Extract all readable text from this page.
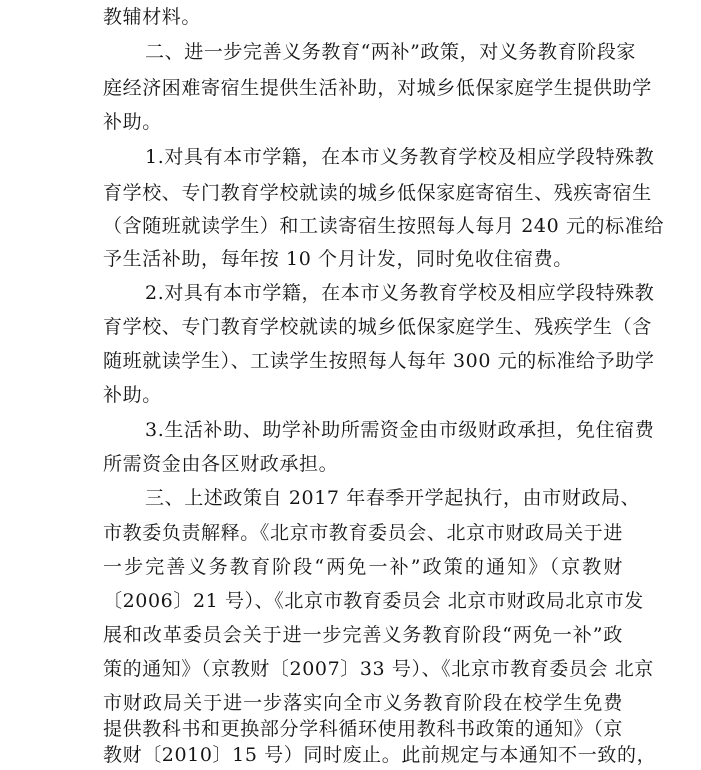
教辅材料。
二、进一步完善义务教育“两补”政策，对义务教育阶段家
庭经济困难寄宿生提供生活补助，对城乡低保家庭学生提供助学
补助。
1.对具有本市学籍，在本市义务教育学校及相应学段特殊教
育学校、专门教育学校就读的城乡低保家庭寄宿生、残疾寄宿生
（含随班就读学生）和工读寄宿生按照每人每月 240 元的标准给
予生活补助，每年按 10 个月计发，同时免收住宿费。
2.对具有本市学籍，在本市义务教育学校及相应学段特殊教
育学校、专门教育学校就读的城乡低保家庭学生、残疾学生（含
随班就读学生）、工读学生按照每人每年 300 元的标准给予助学
补助。
3.生活补助、助学补助所需资金由市级财政承担，免住宿费
所需资金由各区财政承担。
三、上述政策自 2017 年春季开学起执行，由市财政局、
市教委负责解释。《北京市教育委员会、北京市财政局关于进
一步完善义务教育阶段“两免一补”政策的通知》（京教财
〔2006〕21 号）、《北京市教育委员会 北京市财政局北京市发
展和改革委员会关于进一步完善义务教育阶段“两免一补”政
策的通知》（京教财〔2007〕33 号）、《北京市教育委员会 北京
市财政局关于进一步落实向全市义务教育阶段在校学生免费
提供教科书和更换部分学科循环使用教科书政策的通知》（京
教财〔2010〕15 号）同时废止。此前规定与本通知不一致的，
